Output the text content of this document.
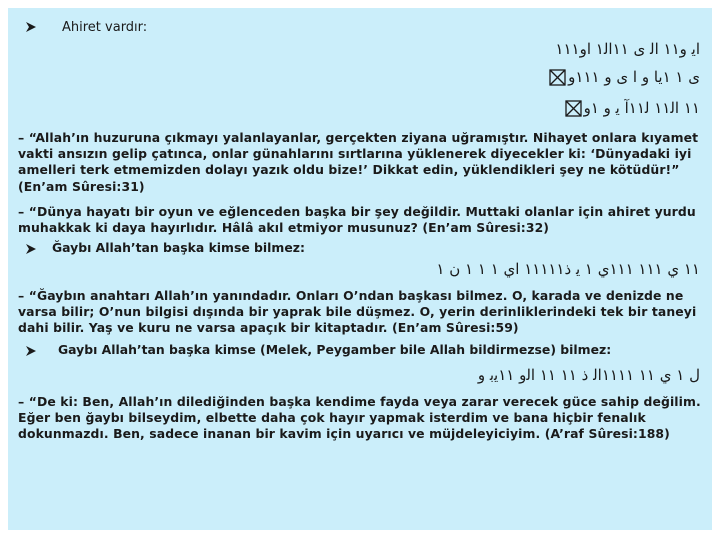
Ahiret vardır:
ﺍﻳ ﻭ١١ ﺍﻟ ﻯ ١١ﺍﻟ١ ﺍﻭ١١١
ﻯ ١ ١ﻳﺎ ﻭ ﺍ ﻯ ﻭ ١١١ﻭ
١١ ﺍﻟ١١ ﻟ١١ﺁ ﻳ ﻭ ١ﻭ
– “Allah’ın huzuruna çıkmayı yalanlayanlar, gerçekten ziyana uğramıştır. Nihayet onlara kıyamet vakti ansızın gelip çatınca, onlar günahlarını sırtlarına yüklenerek diyecekler ki: ‘Dünyadaki iyi amelleri terk etmemizden dolayı yazık oldu bize!’ Dikkat edin, yüklendikleri şey ne kötüdür!” (En’am Sûresi:31)
– “Dünya hayatı bir oyun ve eğlenceden başka bir şey değildir. Muttaki olanlar için ahiret yurdu muhakkak ki daya hayırlıdır. Hâlâ akıl etmiyor musunuz? (En’am Sûresi:32)
Ğaybı Allah’tan başka kimse bilmez:
١١ ﻱ ١١١ ١١١ﻱ ١ ﻳ ﺫ١١١١١ ﺍﻱ ١ ١ ١ ﻥ ١
– “Ğaybın anahtarı Allah’ın yanındadır. Onları O’ndan başkası bilmez. O, karada ve denizde ne varsa bilir; O’nun bilgisi dışında bir yaprak bile düşmez. O, yerin derinliklerindeki tek bir taneyi dahi bilir. Yaş ve kuru ne varsa apaçık bir kitaptadır. (En’am Sûresi:59)
Gaybı Allah’tan başka kimse (Melek, Peygamber bile Allah bildirmezse) bilmez:
ﻝ ١ ﻱ ١١ ١١١١ﺍﻟ ﺫ ١١ ١١ ﺍﻟﻭ ١١ﻳﺑ ﻭ
– “De ki: Ben, Allah’ın dilediğinden başka kendime fayda veya zarar verecek güce sahip değilim. Eğer ben ğaybı bilseydim, elbette daha çok hayır yapmak isterdim ve bana hiçbir fenalık dokunmazdı. Ben, sadece inanan bir kavim için uyarıcı ve müjdeleyiciyim. (A’raf Sûresi:188)
